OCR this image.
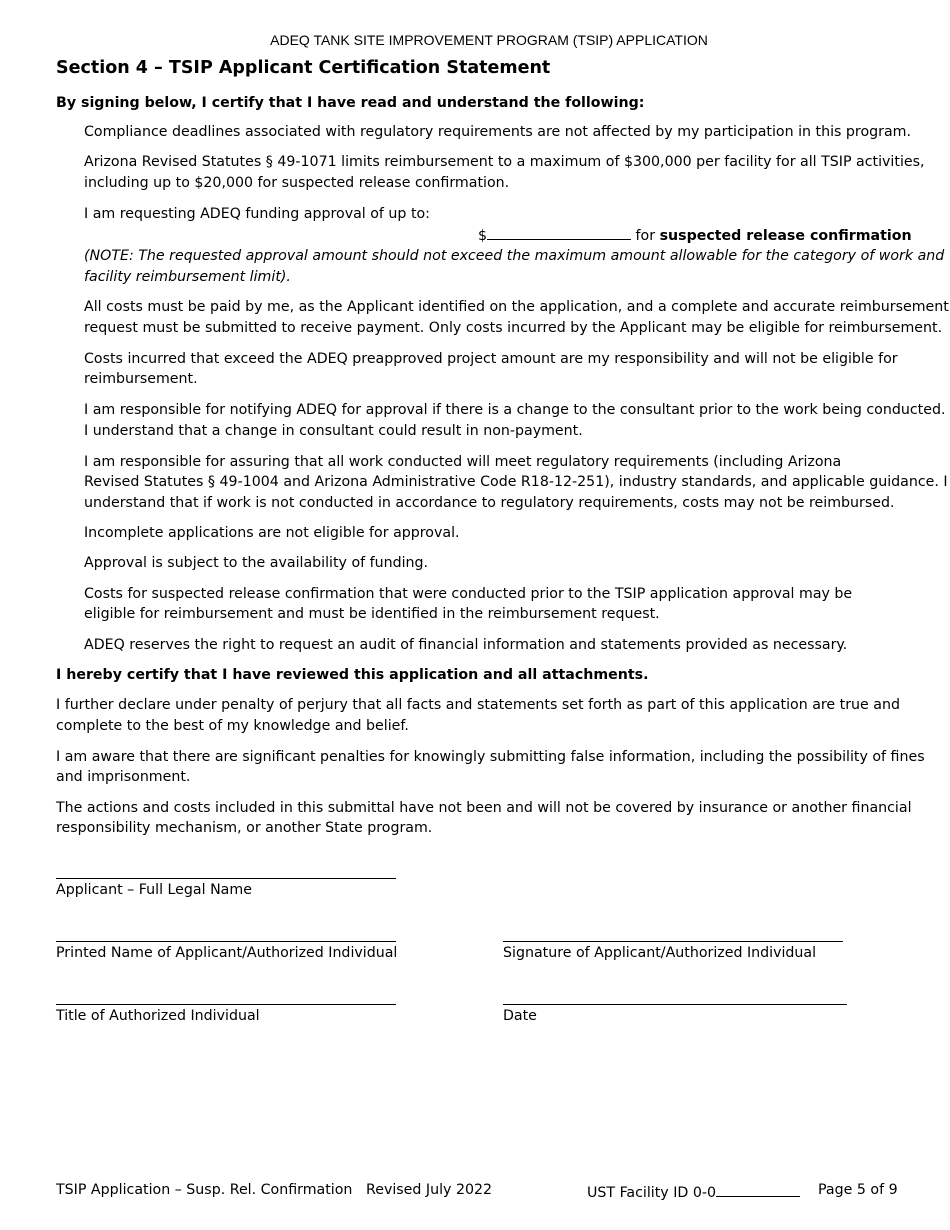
ADEQ TANK SITE IMPROVEMENT PROGRAM (TSIP) APPLICATION
Section 4 – TSIP Applicant Certification Statement
By signing below, I certify that I have read and understand the following:
Compliance deadlines associated with regulatory requirements are not affected by my participation in this program.
Arizona Revised Statutes § 49-1071 limits reimbursement to a maximum of $300,000 per facility for all TSIP activities,
including up to $20,000 for suspected release confirmation.
I am requesting ADEQ funding approval of up to:
$	for suspected release confirmation
(NOTE: The requested approval amount should not exceed the maximum amount allowable for the category of work and
facility reimbursement limit).
All costs must be paid by me, as the Applicant identified on the application, and a complete and accurate reimbursement
request must be submitted to receive payment. Only costs incurred by the Applicant may be eligible for reimbursement.
Costs incurred that exceed the ADEQ preapproved project amount are my responsibility and will not be eligible for
reimbursement.
I am responsible for notifying ADEQ for approval if there is a change to the consultant prior to the work being conducted.
I understand that a change in consultant could result in non-payment.
I am responsible for assuring that all work conducted will meet regulatory requirements (including Arizona
Revised Statutes § 49-1004 and Arizona Administrative Code R18-12-251), industry standards, and applicable guidance. I
understand that if work is not conducted in accordance to regulatory requirements, costs may not be reimbursed.
Incomplete applications are not eligible for approval.
Approval is subject to the availability of funding.
Costs for suspected release confirmation that were conducted prior to the TSIP application approval may be
eligible for reimbursement and must be identified in the reimbursement request.
ADEQ reserves the right to request an audit of financial information and statements provided as necessary.
I hereby certify that I have reviewed this application and all attachments.
I further declare under penalty of perjury that all facts and statements set forth as part of this application are true and
complete to the best of my knowledge and belief.
I am aware that there are significant penalties for knowingly submitting false information, including the possibility of fines
and imprisonment.
The actions and costs included in this submittal have not been and will not be covered by insurance or another financial
responsibility mechanism, or another State program.
Applicant – Full Legal Name
Printed Name of Applicant/Authorized Individual	Signature of Applicant/Authorized Individual
Title of Authorized Individual	Date
TSIP Application – Susp. Rel. Confirmation Revised July 2022	UST Facility ID 0-0	Page 5 of 9
